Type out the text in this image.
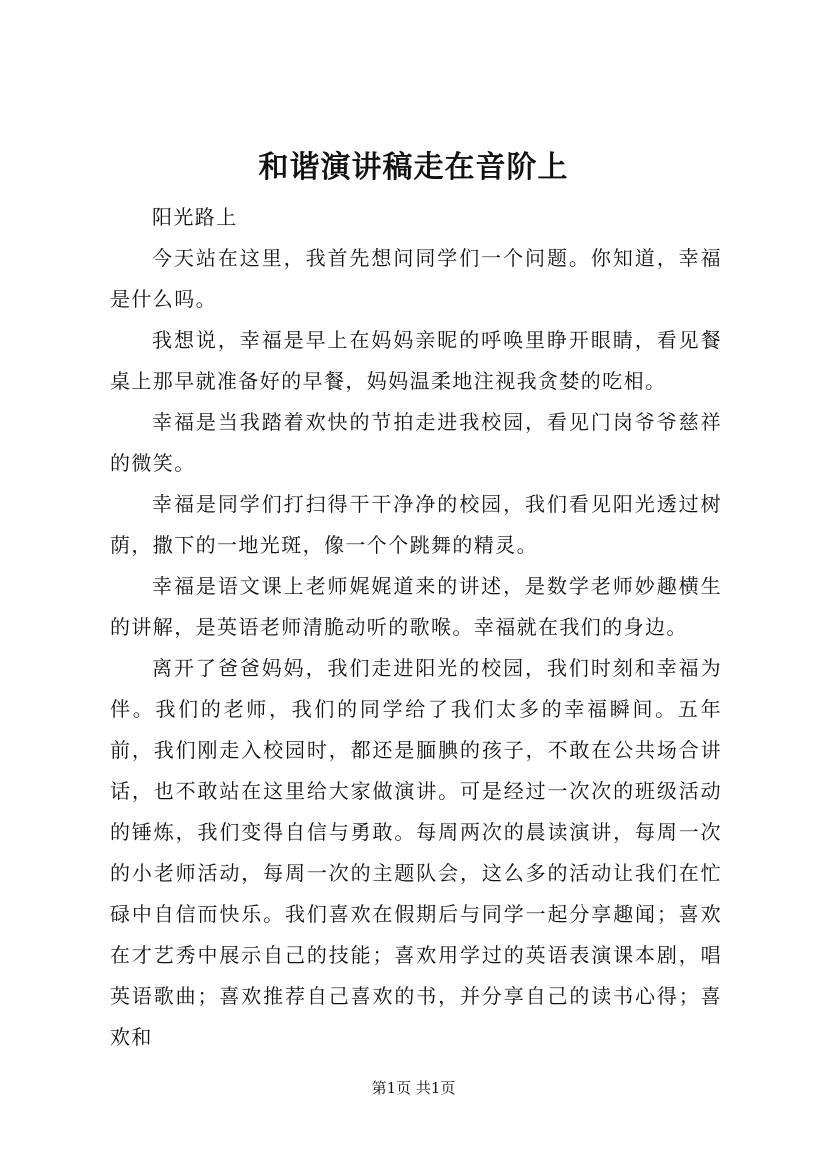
和谐演讲稿走在音阶上

阳光路上

今天站在这里，我首先想问同学们一个问题。你知道，幸福是什么吗。

我想说，幸福是早上在妈妈亲昵的呼唤里睁开眼睛，看见餐桌上那早就准备好的早餐，妈妈温柔地注视我贪婪的吃相。

幸福是当我踏着欢快的节拍走进我校园，看见门岗爷爷慈祥的微笑。

幸福是同学们打扫得干干净净的校园，我们看见阳光透过树荫，撒下的一地光斑，像一个个跳舞的精灵。

幸福是语文课上老师娓娓道来的讲述，是数学老师妙趣横生的讲解，是英语老师清脆动听的歌喉。幸福就在我们的身边。

离开了爸爸妈妈，我们走进阳光的校园，我们时刻和幸福为伴。我们的老师，我们的同学给了我们太多的幸福瞬间。五年前，我们刚走入校园时，都还是腼腆的孩子，不敢在公共场合讲话，也不敢站在这里给大家做演讲。可是经过一次次的班级活动的锤炼，我们变得自信与勇敢。每周两次的晨读演讲，每周一次的小老师活动，每周一次的主题队会，这么多的活动让我们在忙碌中自信而快乐。我们喜欢在假期后与同学一起分享趣闻；喜欢在才艺秀中展示自己的技能；喜欢用学过的英语表演课本剧，唱英语歌曲；喜欢推荐自己喜欢的书，并分享自己的读书心得；喜欢和

第1页 共1页
